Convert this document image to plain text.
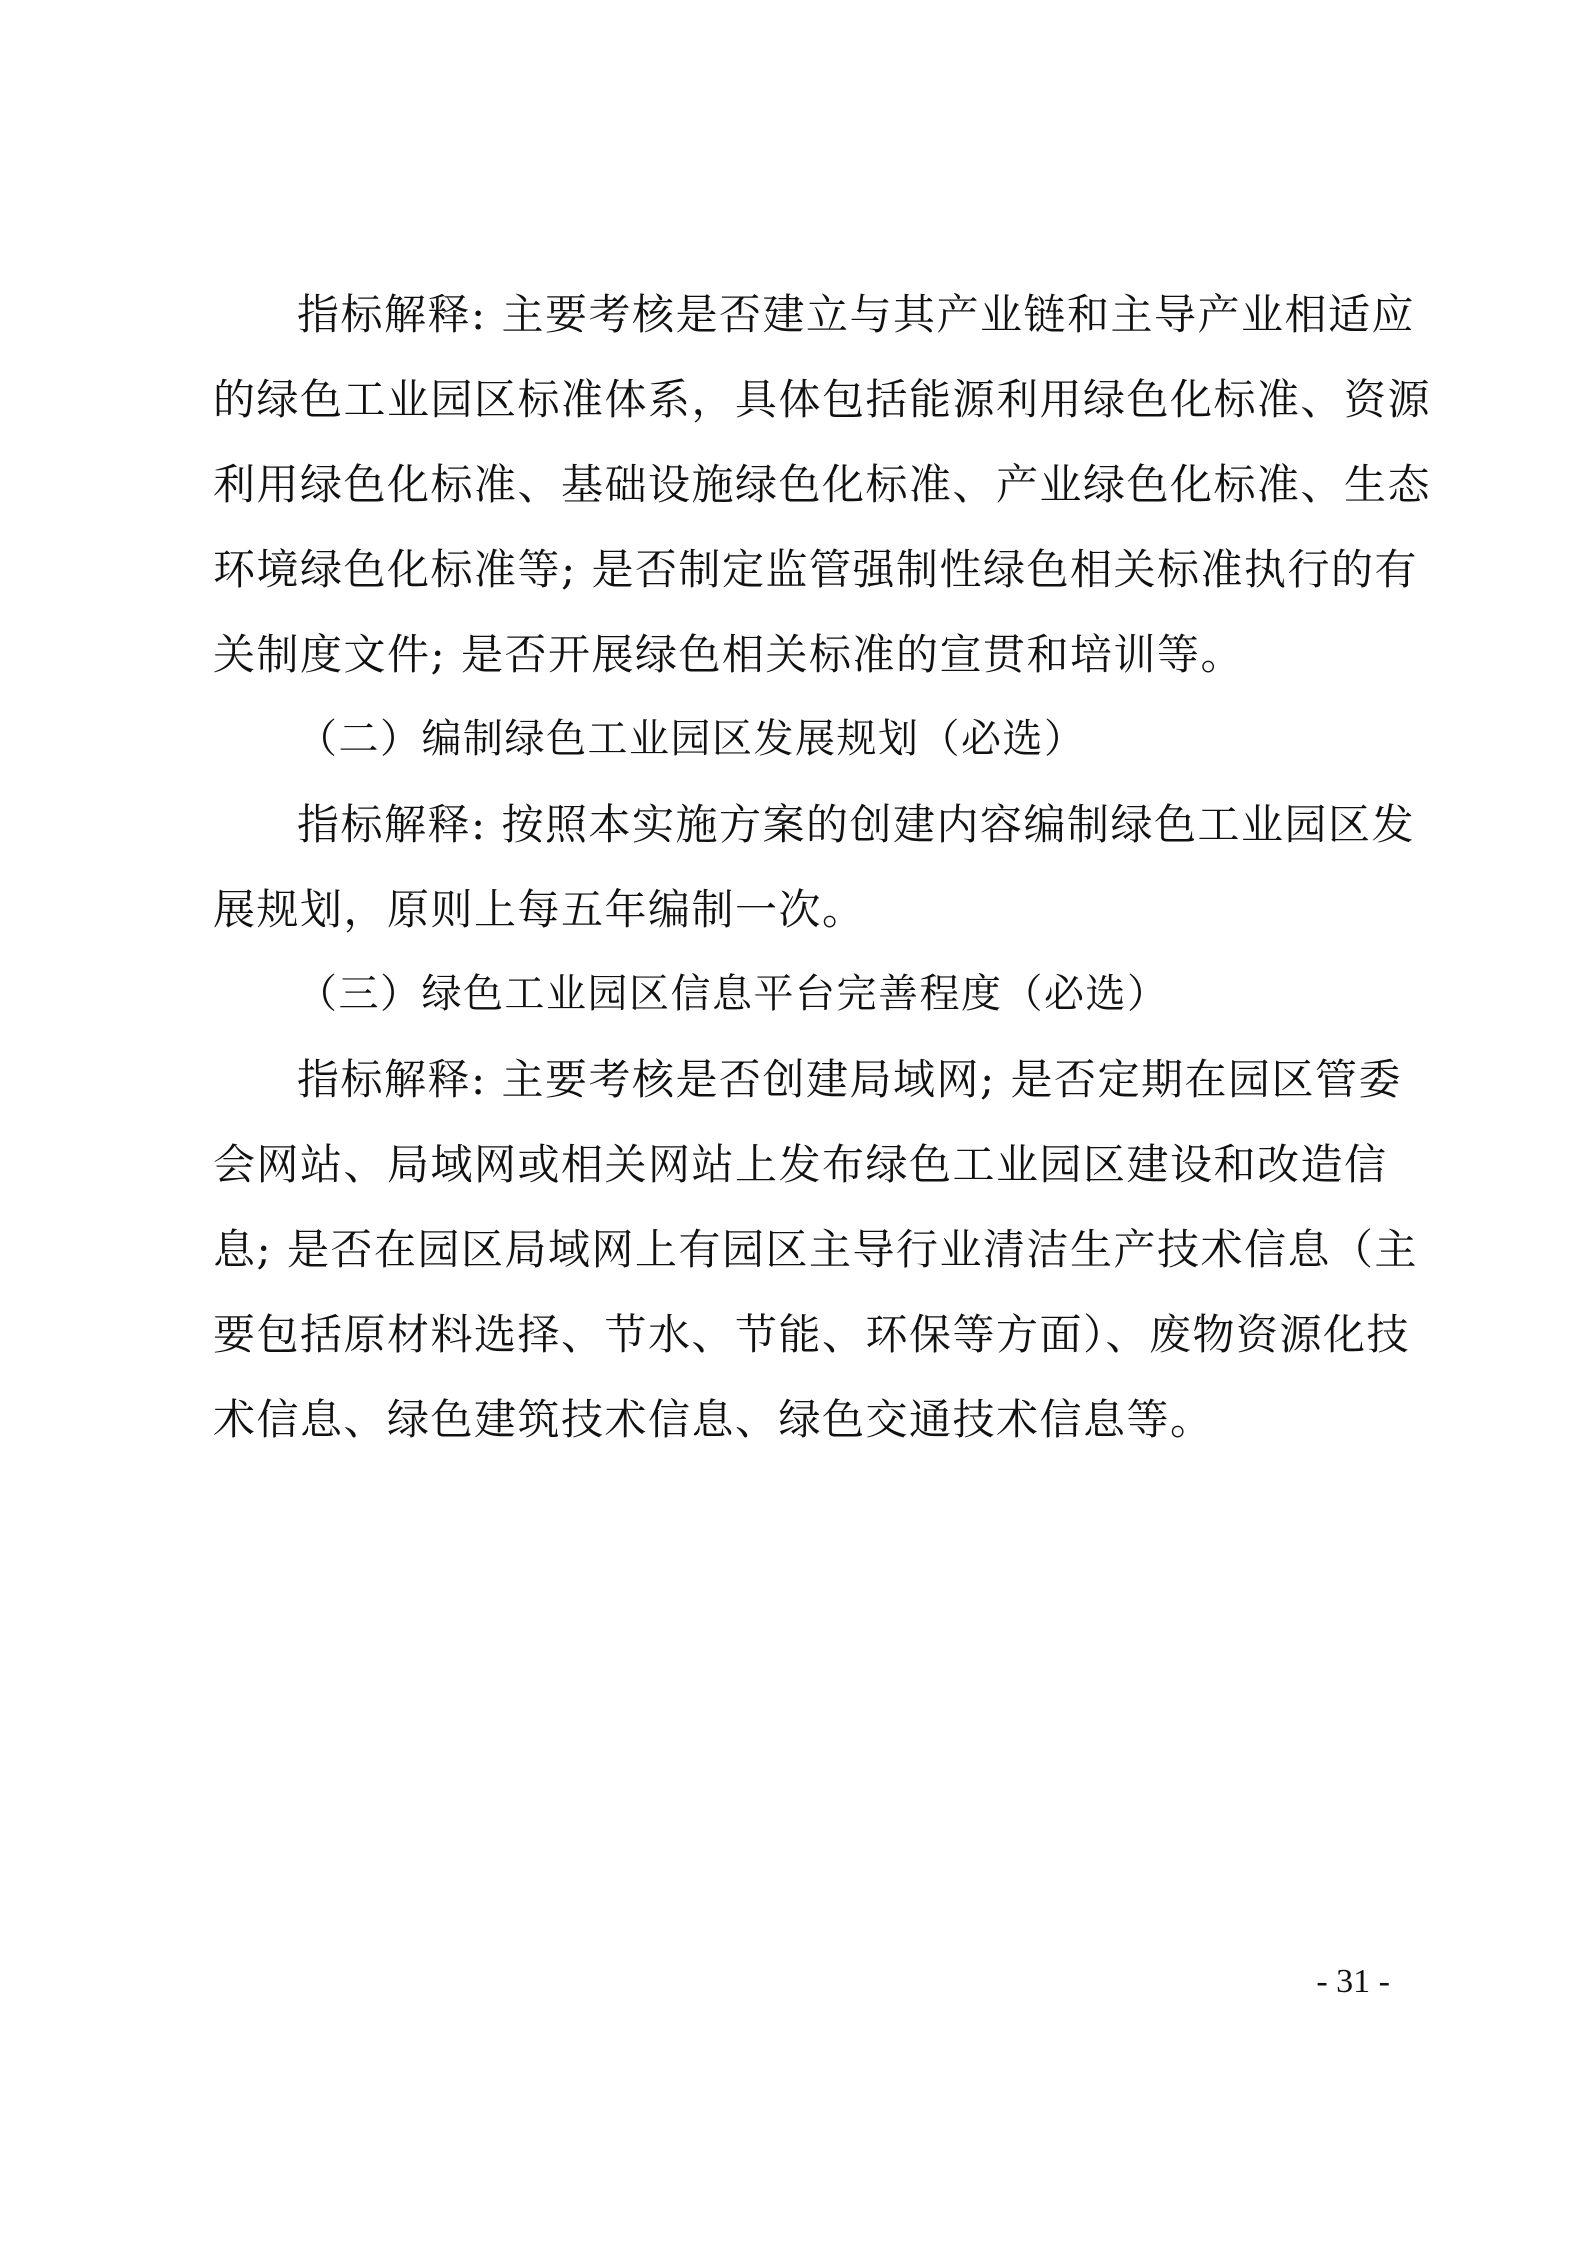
指标解释: 主要考核是否建立与其产业链和主导产业相适应
的绿色工业园区标准体系，具体包括能源利用绿色化标准、资源
利用绿色化标准、基础设施绿色化标准、产业绿色化标准、生态
环境绿色化标准等; 是否制定监管强制性绿色相关标准执行的有
关制度文件; 是否开展绿色相关标准的宣贯和培训等。
（二）编制绿色工业园区发展规划（必选）
指标解释: 按照本实施方案的创建内容编制绿色工业园区发
展规划，原则上每五年编制一次。
（三）绿色工业园区信息平台完善程度（必选）
指标解释: 主要考核是否创建局域网; 是否定期在园区管委
会网站、局域网或相关网站上发布绿色工业园区建设和改造信
息; 是否在园区局域网上有园区主导行业清洁生产技术信息（主
要包括原材料选择、节水、节能、环保等方面）、废物资源化技
术信息、绿色建筑技术信息、绿色交通技术信息等。
- 31 -
